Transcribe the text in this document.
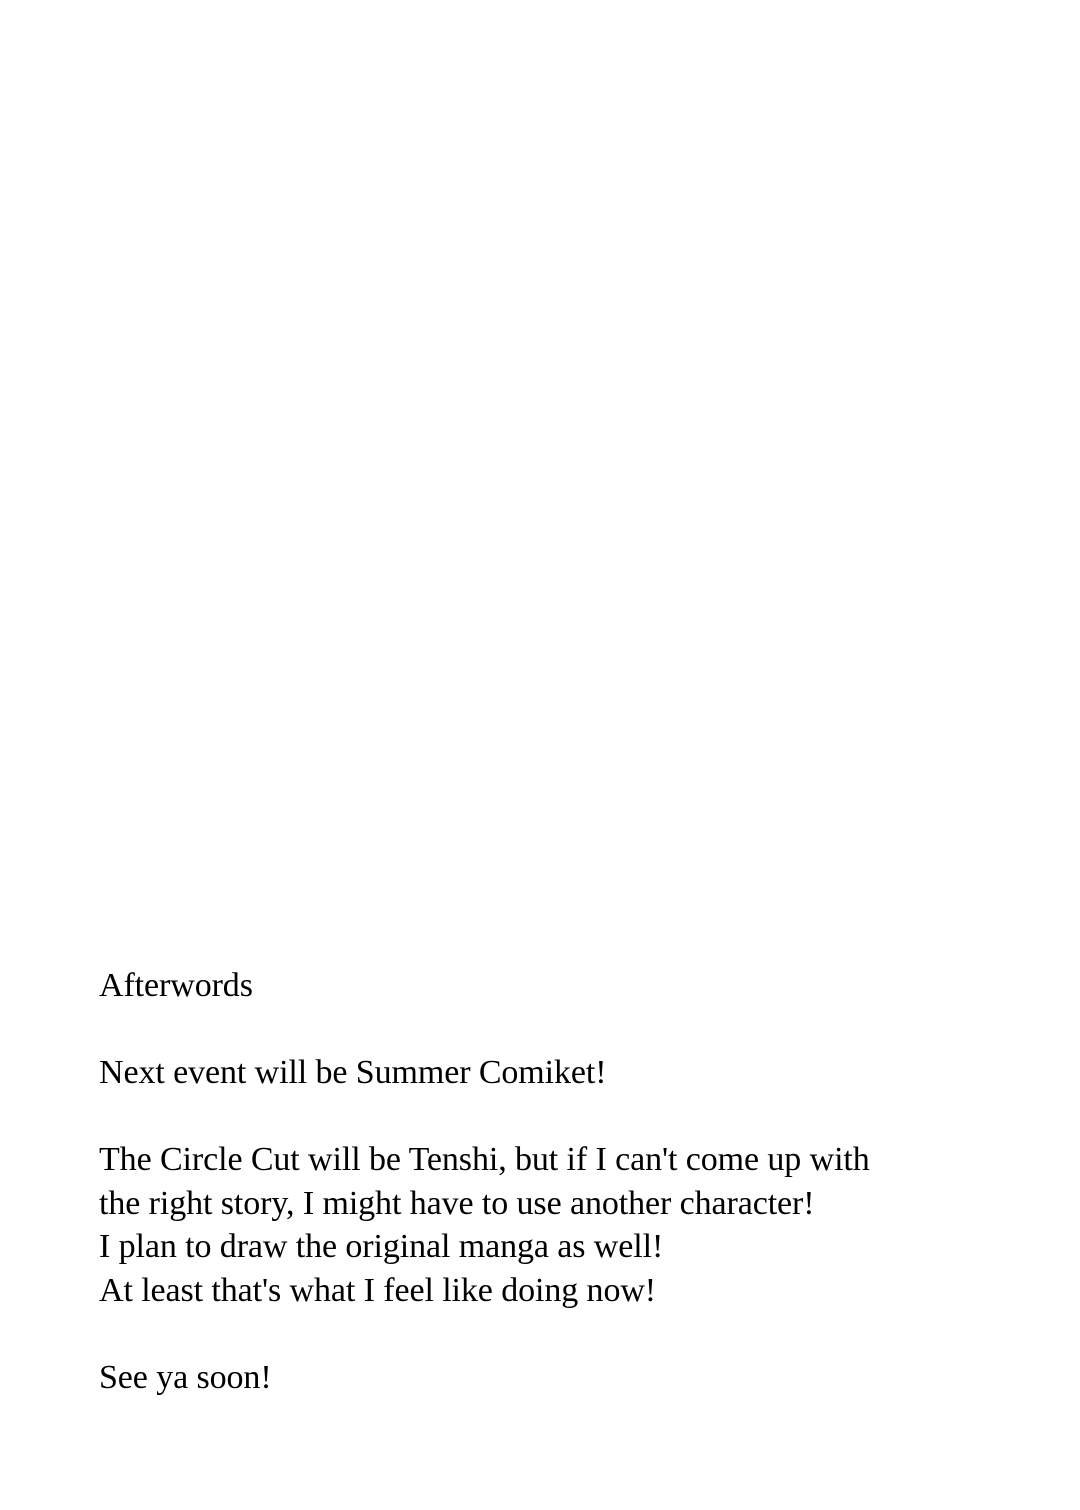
Afterwords
Next event will be Summer Comiket!
The Circle Cut will be Tenshi, but if I can't come up with
the right story, I might have to use another character!
I plan to draw the original manga as well!
At least that's what I feel like doing now!
See ya soon!
